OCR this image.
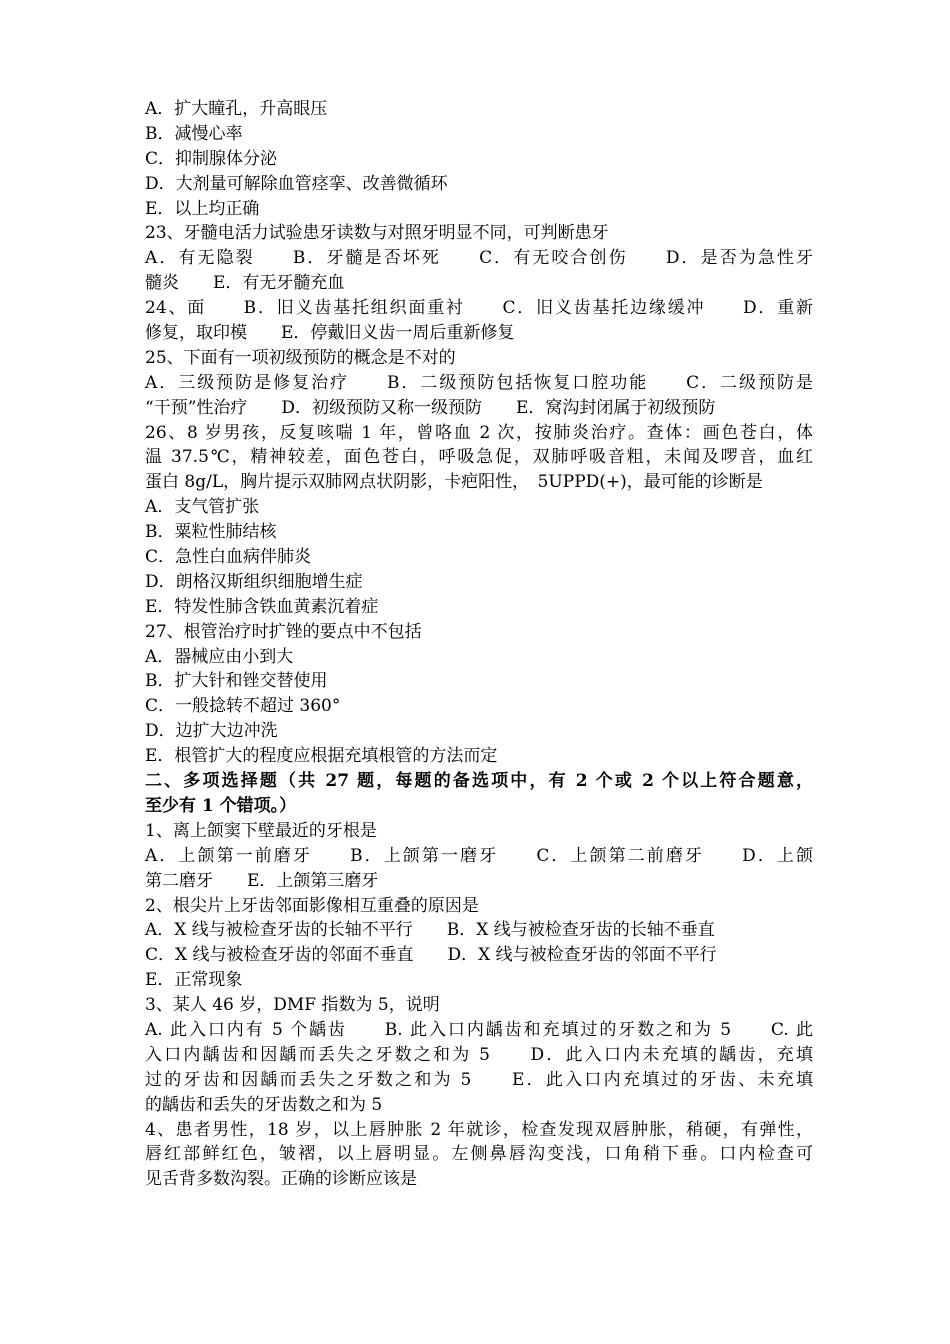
A．扩大瞳孔，升高眼压
B．减慢心率
C．抑制腺体分泌
D．大剂量可解除血管痉挛、改善微循环
E．以上均正确
23、牙髓电活力试验患牙读数与对照牙明显不同，可判断患牙
A．有无隐裂　　B．牙髓是否坏死　　C．有无咬合创伤　　D．是否为急性牙
髓炎　　E．有无牙髓充血
24、面　　B．旧义齿基托组织面重衬　　C．旧义齿基托边缘缓冲　　D．重新
修复，取印模　　E．停戴旧义齿一周后重新修复
25、下面有一项初级预防的概念是不对的
A．三级预防是修复治疗　　B．二级预防包括恢复口腔功能　　C．二级预防是
“干预”性治疗　　D．初级预防又称一级预防　　E．窝沟封闭属于初级预防
26、8 岁男孩，反复咳喘 1 年，曾咯血 2 次，按肺炎治疗。查体：画色苍白，体
温 37.5℃，精神较差，面色苍白，呼吸急促，双肺呼吸音粗，未闻及啰音，血红
蛋白 8g/L，胸片提示双肺网点状阴影，卡疤阳性，　5UPPD(+)，最可能的诊断是
A．支气管扩张
B．粟粒性肺结核
C．急性白血病伴肺炎
D．朗格汉斯组织细胞增生症
E．特发性肺含铁血黄素沉着症
27、根管治疗时扩锉的要点中不包括
A．器械应由小到大
B．扩大针和锉交替使用
C．一般捻转不超过 360°
D．边扩大边冲洗
E．根管扩大的程度应根据充填根管的方法而定
二、多项选择题（共 27 题，每题的备选项中，有 2 个或 2 个以上符合题意，
至少有 1 个错项。）
1、离上颌窦下壁最近的牙根是
A．上颌第一前磨牙　　B．上颌第一磨牙　　C．上颌第二前磨牙　　D．上颌
第二磨牙　　E．上颌第三磨牙
2、根尖片上牙齿邻面影像相互重叠的原因是
A．X 线与被检查牙齿的长轴不平行　　B．X 线与被检查牙齿的长轴不垂直
C．X 线与被检查牙齿的邻面不垂直　　D．X 线与被检查牙齿的邻面不平行
E．正常现象
3、某人 46 岁，DMF 指数为 5，说明
A. 此入口内有 5 个龋齿　　B. 此入口内龋齿和充填过的牙数之和为 5　　C. 此
入口内龋齿和因龋而丢失之牙数之和为 5　　D．此入口内未充填的龋齿，充填
过的牙齿和因龋而丢失之牙数之和为 5　　E．此入口内充填过的牙齿、未充填
的龋齿和丢失的牙齿数之和为 5
4、患者男性，18 岁，以上唇肿胀 2 年就诊，检查发现双唇肿胀，稍硬，有弹性，
唇红部鲜红色，皱褶，以上唇明显。左侧鼻唇沟变浅，口角稍下垂。口内检查可
见舌背多数沟裂。正确的诊断应该是
